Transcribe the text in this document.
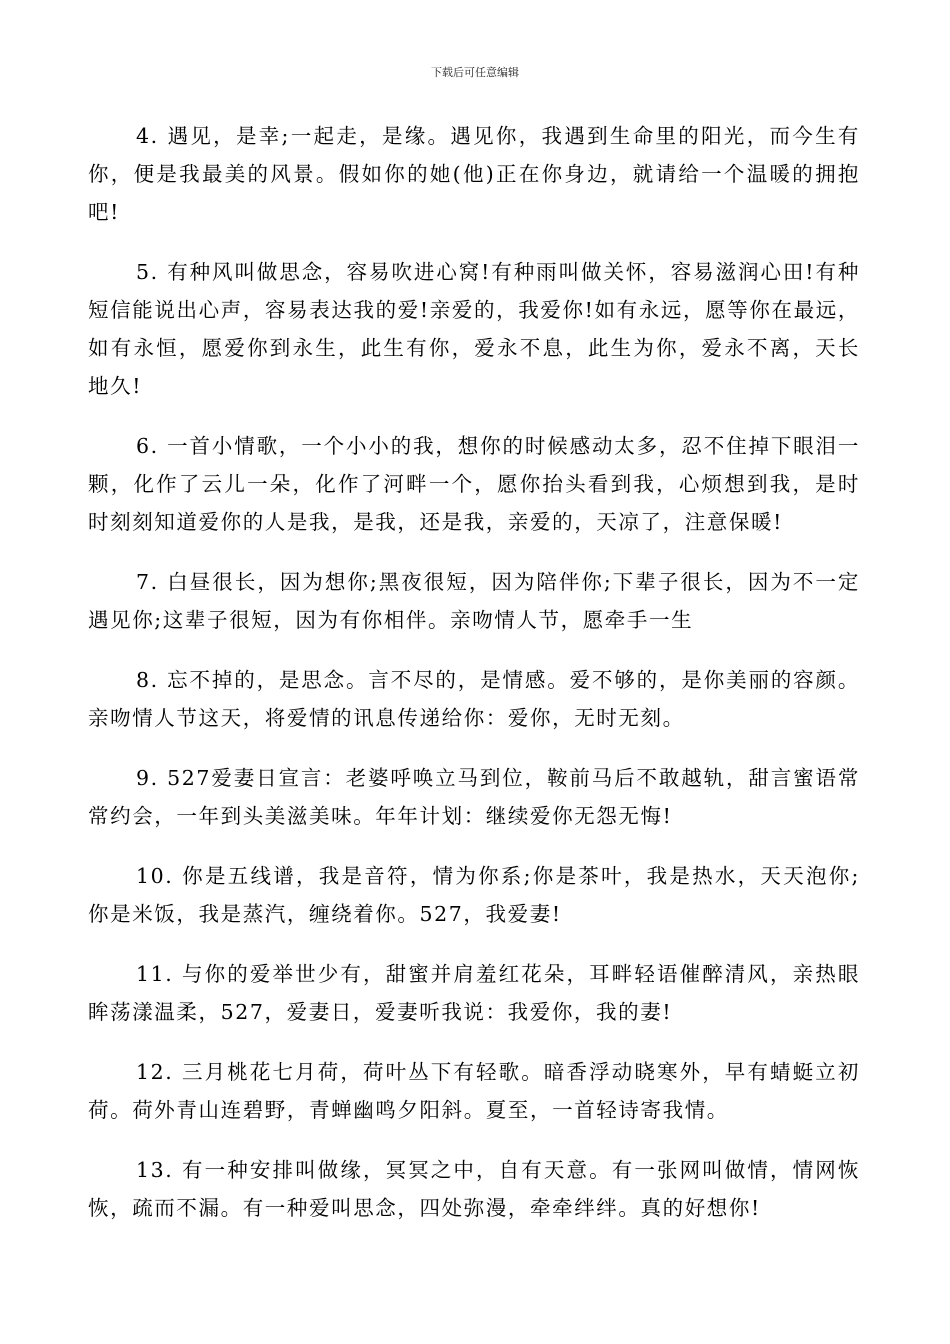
下载后可任意编辑

4. 遇见，是幸;一起走，是缘。遇见你，我遇到生命里的阳光，而今生有你，便是我最美的风景。假如你的她(他)正在你身边，就请给一个温暖的拥抱吧!

5. 有种风叫做思念，容易吹进心窝!有种雨叫做关怀，容易滋润心田!有种短信能说出心声，容易表达我的爱!亲爱的，我爱你!如有永远，愿等你在最远，如有永恒，愿爱你到永生，此生有你，爱永不息，此生为你，爱永不离，天长地久!

6. 一首小情歌，一个小小的我，想你的时候感动太多，忍不住掉下眼泪一颗，化作了云儿一朵，化作了河畔一个，愿你抬头看到我，心烦想到我，是时时刻刻知道爱你的人是我，是我，还是我，亲爱的，天凉了，注意保暖!

7. 白昼很长，因为想你;黑夜很短，因为陪伴你;下辈子很长，因为不一定遇见你;这辈子很短，因为有你相伴。亲吻情人节，愿牵手一生

8. 忘不掉的，是思念。言不尽的，是情感。爱不够的，是你美丽的容颜。亲吻情人节这天，将爱情的讯息传递给你：爱你，无时无刻。

9. 527爱妻日宣言：老婆呼唤立马到位，鞍前马后不敢越轨，甜言蜜语常常约会，一年到头美滋美味。年年计划：继续爱你无怨无悔!

10. 你是五线谱，我是音符，情为你系;你是茶叶，我是热水，天天泡你;你是米饭，我是蒸汽，缠绕着你。527，我爱妻!

11. 与你的爱举世少有，甜蜜并肩羞红花朵，耳畔轻语催醉清风，亲热眼眸荡漾温柔，527，爱妻日，爱妻听我说：我爱你，我的妻!

12. 三月桃花七月荷，荷叶丛下有轻歌。暗香浮动晓寒外，早有蜻蜓立初荷。荷外青山连碧野，青蝉幽鸣夕阳斜。夏至，一首轻诗寄我情。

13. 有一种安排叫做缘，冥冥之中，自有天意。有一张网叫做情，情网恢恢，疏而不漏。有一种爱叫思念，四处弥漫，牵牵绊绊。真的好想你!
